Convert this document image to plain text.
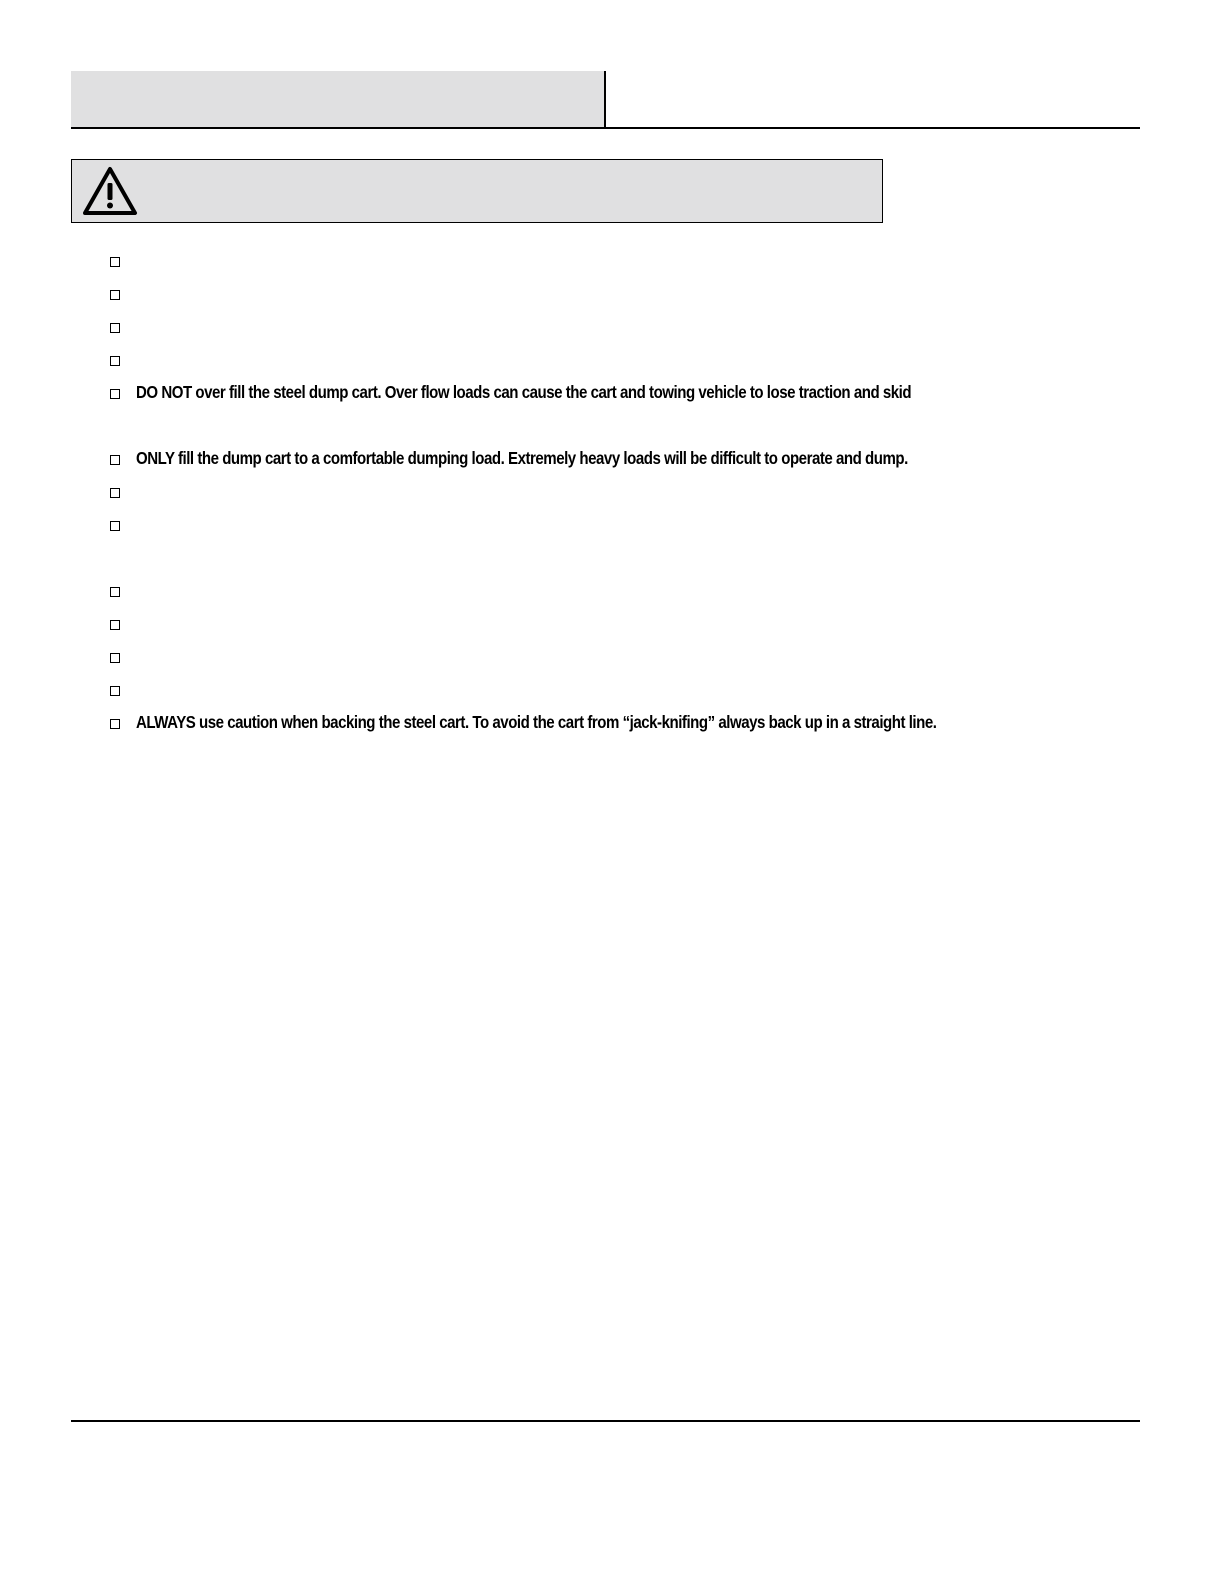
DO NOT over fill the steel dump cart. Over flow loads can cause the cart and towing vehicle to lose traction and skid
ONLY fill the dump cart to a comfortable dumping load. Extremely heavy loads will be difficult to operate and dump.
ALWAYS use caution when backing the steel cart. To avoid the cart from “jack-knifing” always back up in a straight line.
